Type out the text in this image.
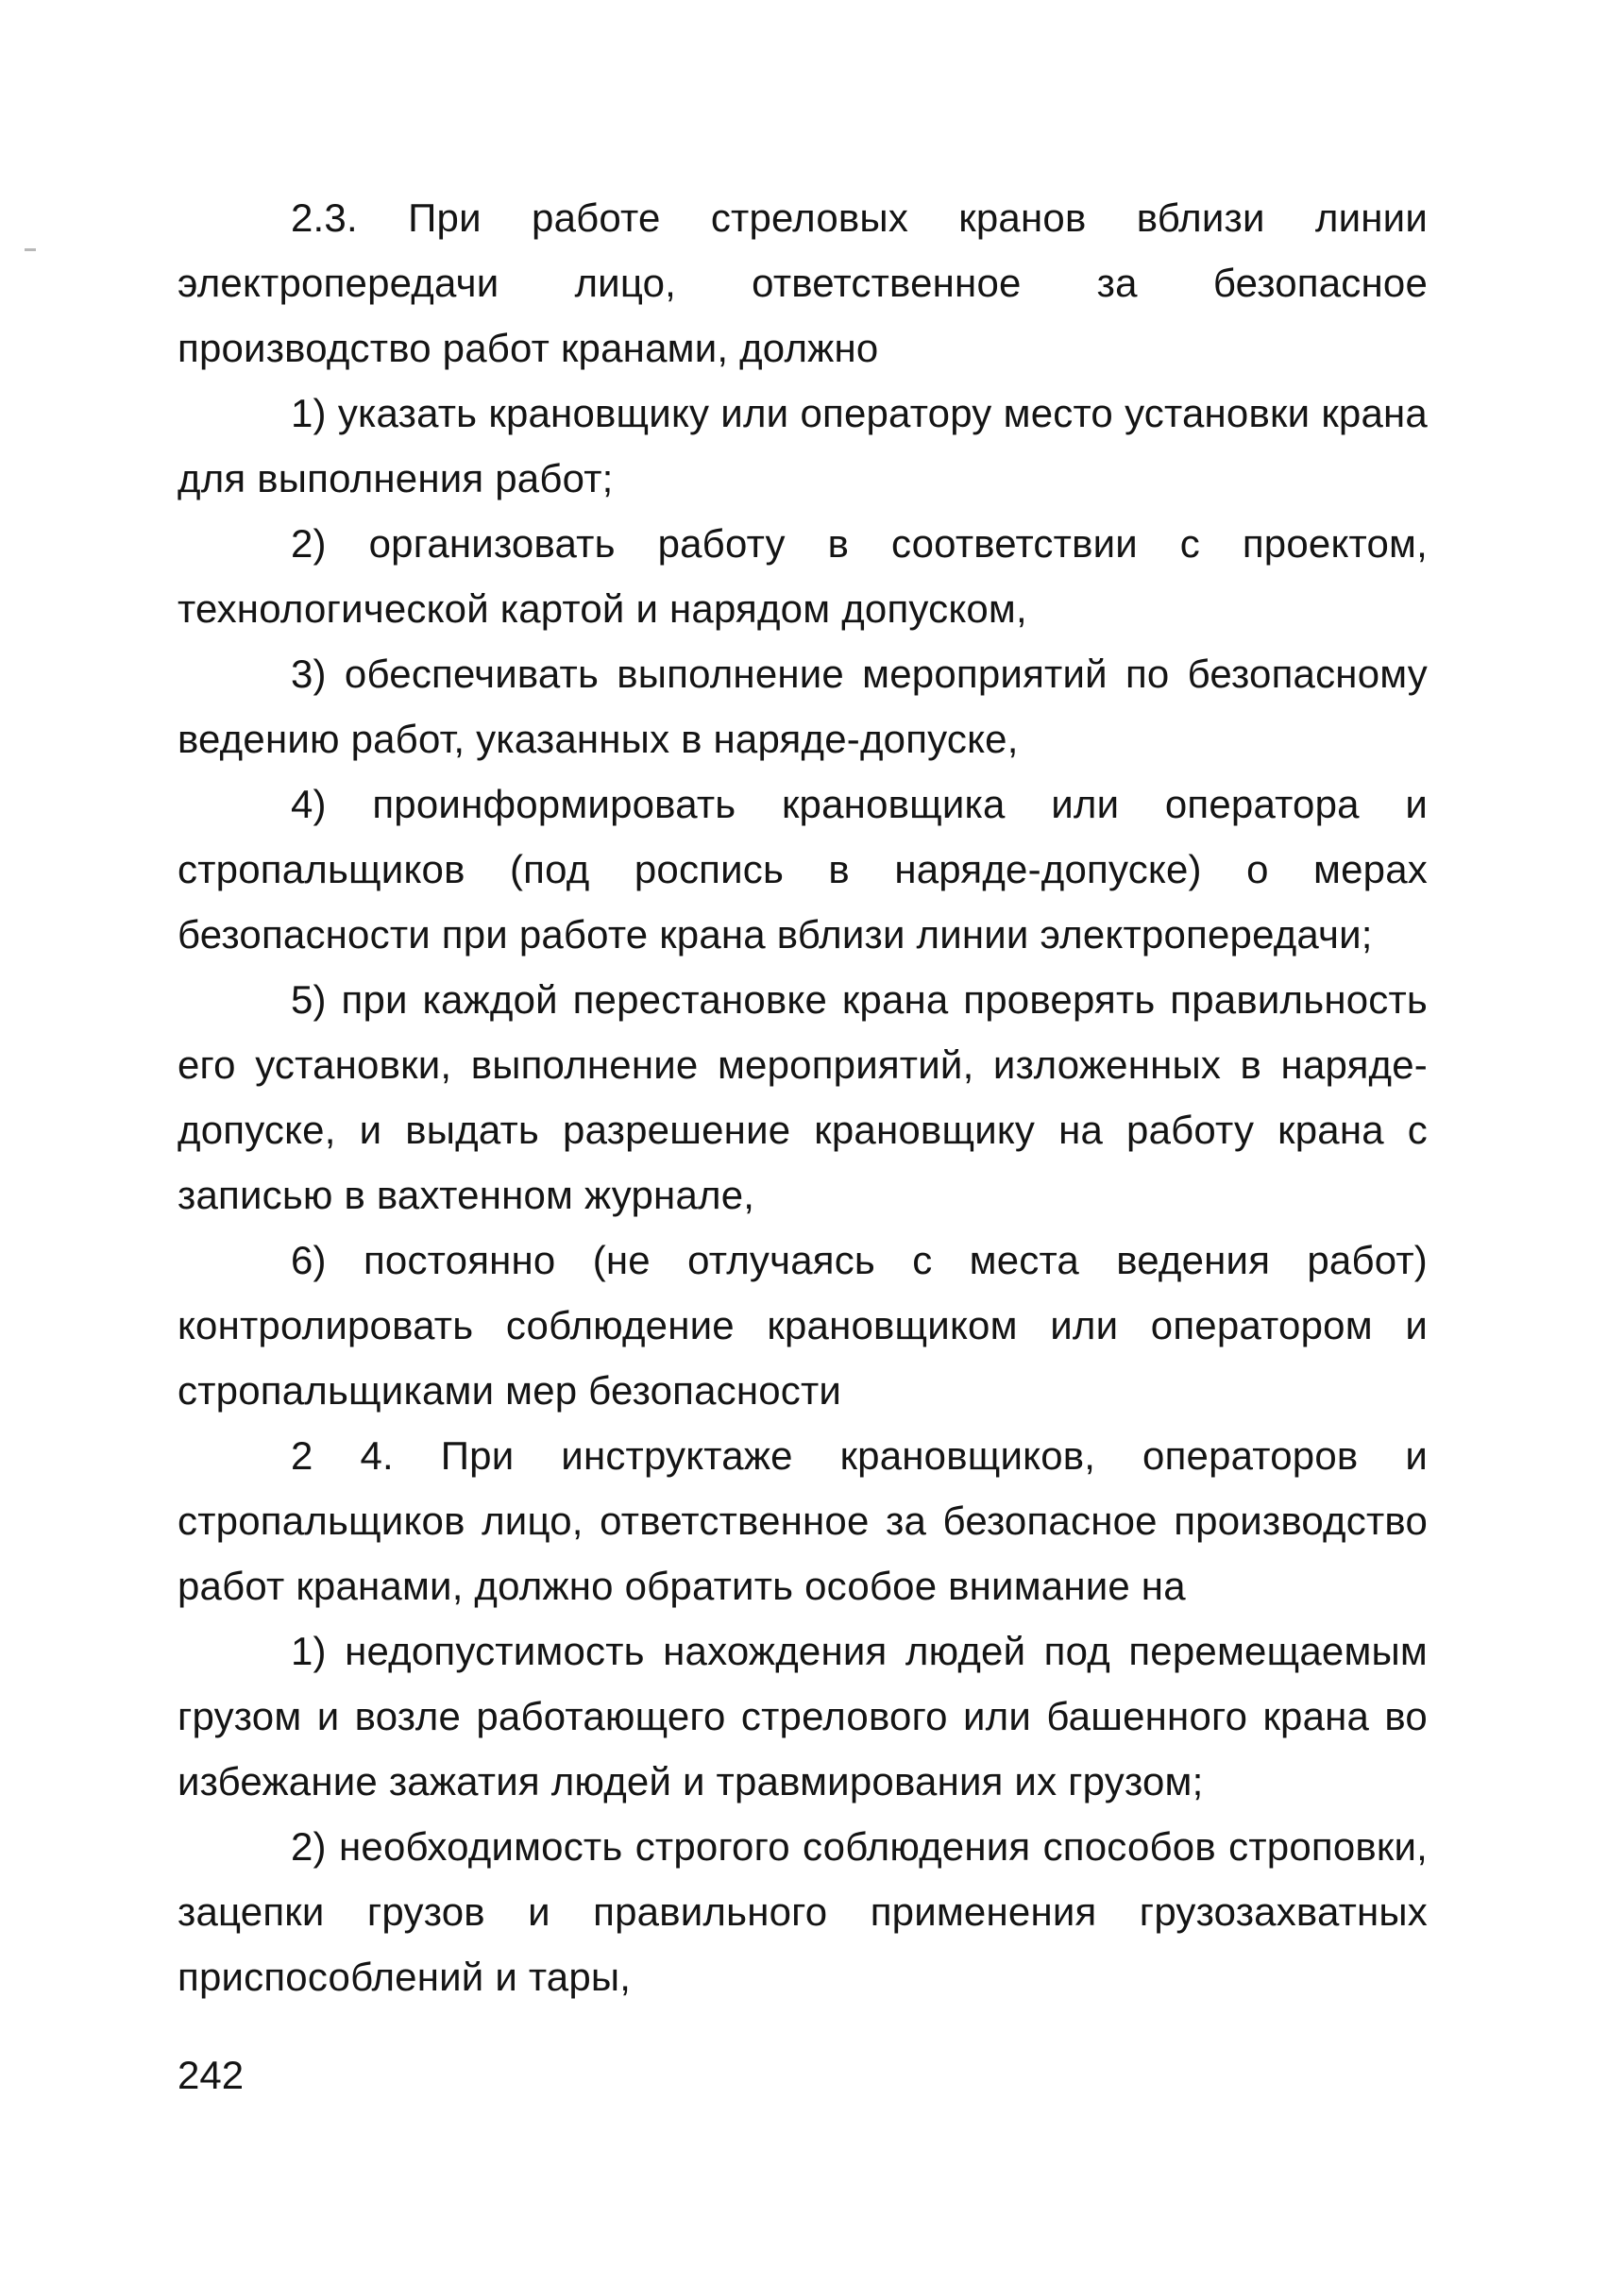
2.3. При работе стреловых кранов вблизи линии электропередачи лицо, ответственное за безопасное производство работ кранами, должно

1) указать крановщику или оператору место установки крана для выполнения работ;

2) организовать работу в соответствии с проектом, технологической картой и нарядом допуском,

3) обеспечивать выполнение мероприятий по безопасному ведению работ, указанных в наряде-допуске,

4) проинформировать крановщика или оператора и стропальщиков (под роспись в наряде-допуске) о мерах безопасности при работе крана вблизи линии электропередачи;

5) при каждой перестановке крана проверять правильность его установки, выполнение мероприятий, изложенных в наряде-допуске, и выдать разрешение крановщику на работу крана с записью в вахтенном журнале,

6) постоянно (не отлучаясь с места ведения работ) контролировать соблюдение крановщиком или оператором и стропальщиками мер безопасности

2 4. При инструктаже крановщиков, операторов и стропальщиков лицо, ответственное за безопасное производство работ кранами, должно обратить особое внимание на

1) недопустимость нахождения людей под перемещаемым грузом и возле работающего стрелового или башенного крана во избежание зажатия людей и травмирования их грузом;

2) необходимость строгого соблюдения способов строповки, зацепки грузов и правильного применения грузозахватных приспособлений и тары,

242
